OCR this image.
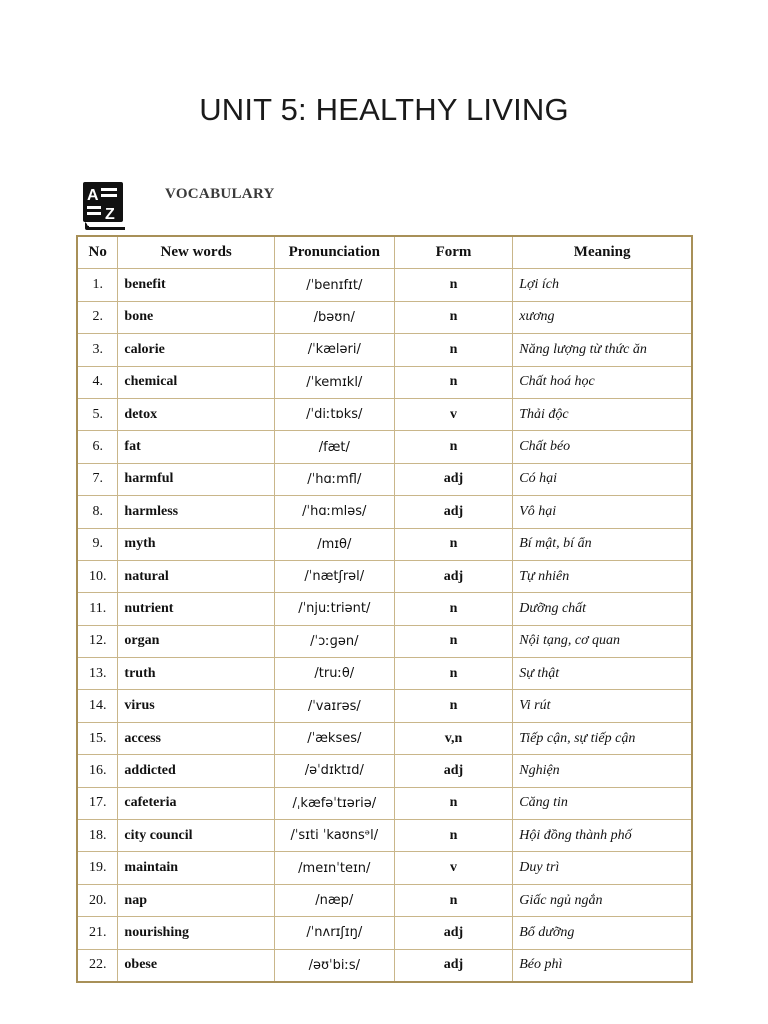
UNIT 5: HEALTHY LIVING
A
Z
VOCABULARY
No	New words	Pronunciation	Form	Meaning
1.	benefit	/ˈbenɪfɪt/	n	Lợi ích
2.	bone	/bəʊn/	n	xương
3.	calorie	/ˈkæləri/	n	Năng lượng từ thức ăn
4.	chemical	/ˈkemɪkl/	n	Chất hoá học
5.	detox	/ˈdiːtɒks/	v	Thải độc
6.	fat	/fæt/	n	Chất béo
7.	harmful	/ˈhɑːmfl/	adj	Có hại
8.	harmless	/ˈhɑːmləs/	adj	Vô hại
9.	myth	/mɪθ/	n	Bí mật, bí ẩn
10.	natural	/ˈnætʃrəl/	adj	Tự nhiên
11.	nutrient	/ˈnjuːtriənt/	n	Dưỡng chất
12.	organ	/ˈɔːɡən/	n	Nội tạng, cơ quan
13.	truth	/truːθ/	n	Sự thật
14.	virus	/ˈvaɪrəs/	n	Vi rút
15.	access	/ˈækses/	v,n	Tiếp cận, sự tiếp cận
16.	addicted	/əˈdɪktɪd/	adj	Nghiện
17.	cafeteria	/ˌkæfəˈtɪəriə/	n	Căng tin
18.	city council	/ˈsɪti ˈkaʊnsᵊl/	n	Hội đồng thành phố
19.	maintain	/meɪnˈteɪn/	v	Duy trì
20.	nap	/næp/	n	Giấc ngủ ngắn
21.	nourishing	/ˈnʌrɪʃɪŋ/	adj	Bổ dưỡng
22.	obese	/əʊˈbiːs/	adj	Béo phì
